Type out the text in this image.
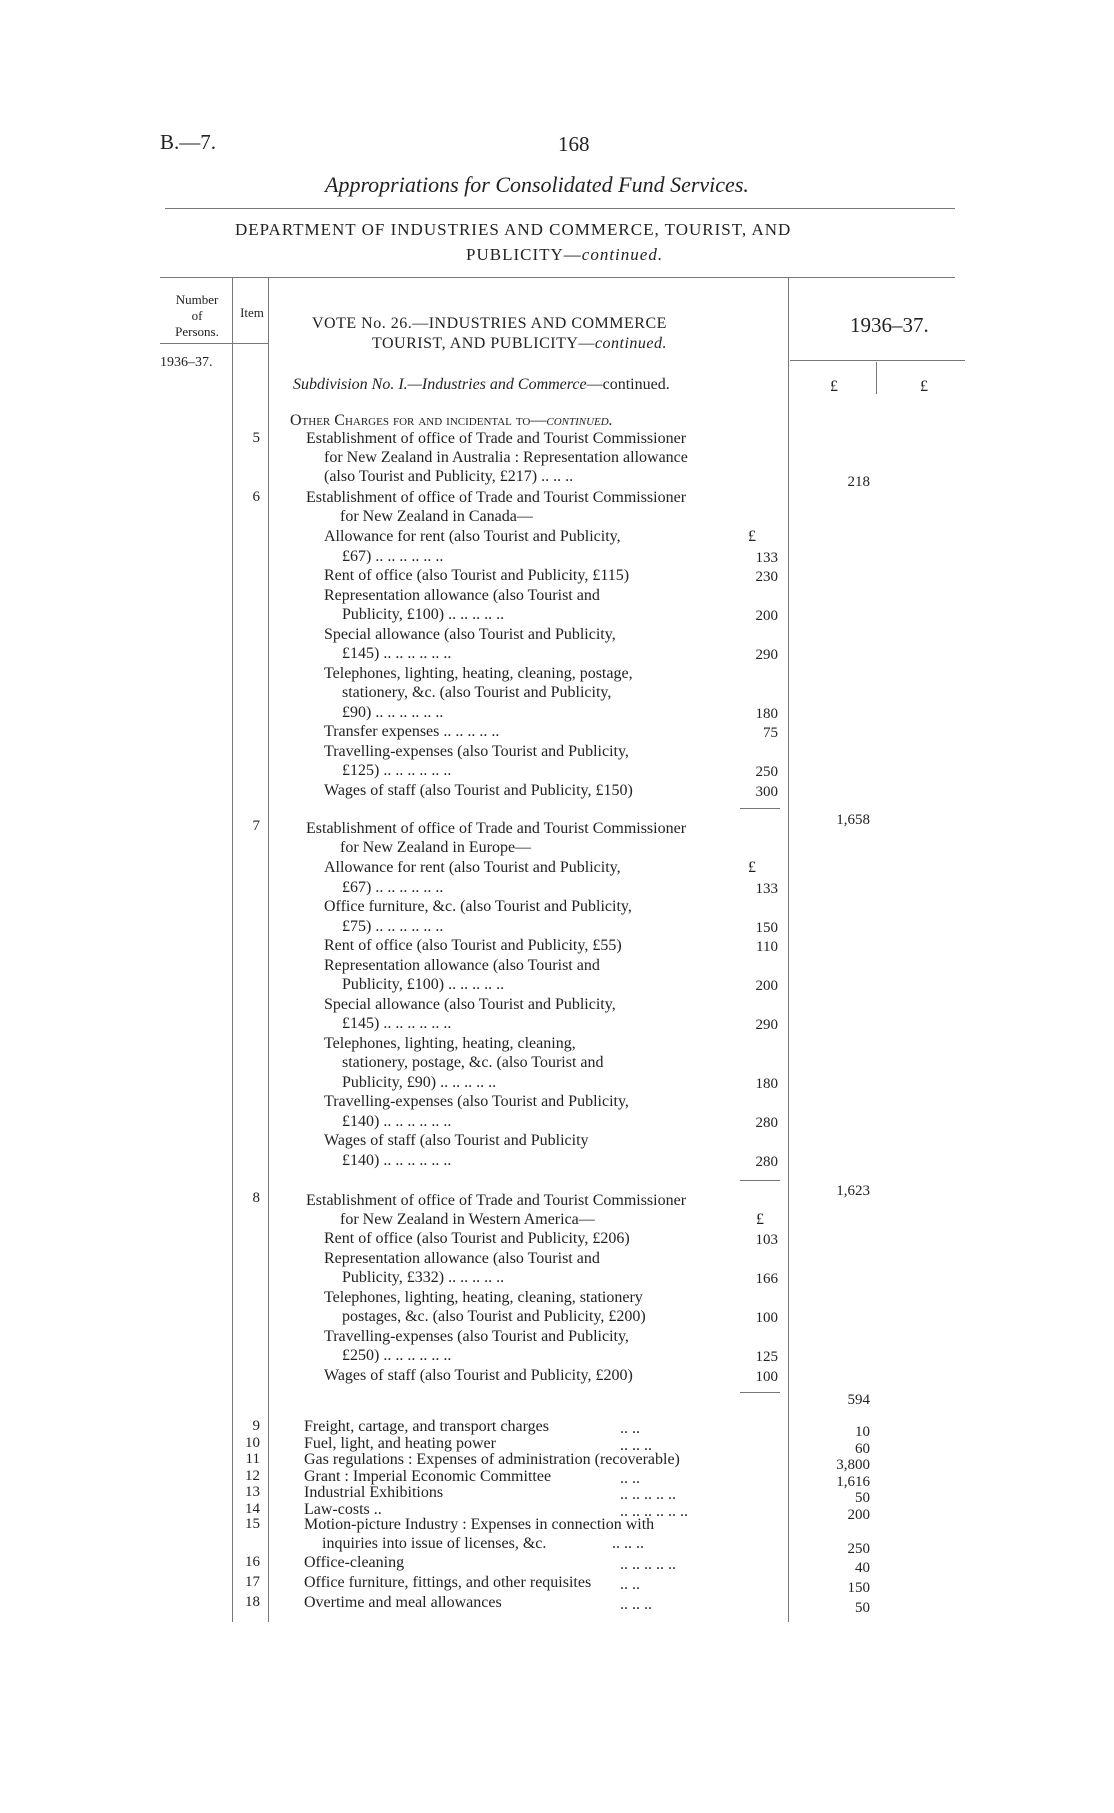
B.—7.	168
Appropriations for Consolidated Fund Services.
DEPARTMENT OF INDUSTRIES AND COMMERCE, TOURIST, AND
PUBLICITY—continued.
Number
of
Persons.
1936–37.
Item
VOTE No. 26.—INDUSTRIES AND COMMERCE
TOURIST, AND PUBLICITY—continued.
1936–37.
£	£
Subdivision No. I.—Industries and Commerce—continued.
Other Charges for and incidental to—continued.
5	Establishment of office of Trade and Tourist Commissioner
for New Zealand in Australia : Representation allowance
(also Tourist and Publicity, £217) .. .. ..	218
6	Establishment of office of Trade and Tourist Commissioner
for New Zealand in Canada—
£
Allowance for rent (also Tourist and Publicity,
£67) .. .. .. .. .. ..	133
Rent of office (also Tourist and Publicity, £115)	230
Representation allowance (also Tourist and
Publicity, £100) .. .. .. .. ..	200
Special allowance (also Tourist and Publicity,
£145) .. .. .. .. .. ..	290
Telephones, lighting, heating, cleaning, postage,
stationery, &c. (also Tourist and Publicity,
£90) .. .. .. .. .. ..	180
Transfer expenses .. .. .. .. ..	75
Travelling-expenses (also Tourist and Publicity,
£125) .. .. .. .. .. ..	250
Wages of staff (also Tourist and Publicity, £150)	300
1,658
7	Establishment of office of Trade and Tourist Commissioner
for New Zealand in Europe—
£
Allowance for rent (also Tourist and Publicity,
£67) .. .. .. .. .. ..	133
Office furniture, &c. (also Tourist and Publicity,
£75) .. .. .. .. .. ..	150
Rent of office (also Tourist and Publicity, £55)	110
Representation allowance (also Tourist and
Publicity, £100) .. .. .. .. ..	200
Special allowance (also Tourist and Publicity,
£145) .. .. .. .. .. ..	290
Telephones, lighting, heating, cleaning,
stationery, postage, &c. (also Tourist and
Publicity, £90) .. .. .. .. ..	180
Travelling-expenses (also Tourist and Publicity,
£140) .. .. .. .. .. ..	280
Wages of staff (also Tourist and Publicity
£140) .. .. .. .. .. ..	280
1,623
8	Establishment of office of Trade and Tourist Commissioner
for New Zealand in Western America—	£
Rent of office (also Tourist and Publicity, £206)	103
Representation allowance (also Tourist and
Publicity, £332) .. .. .. .. ..	166
Telephones, lighting, heating, cleaning, stationery
postages, &c. (also Tourist and Publicity, £200)	100
Travelling-expenses (also Tourist and Publicity,
£250) .. .. .. .. .. ..	125
Wages of staff (also Tourist and Publicity, £200)	100
594
9	Freight, cartage, and transport charges	.. ..	10
10	Fuel, light, and heating power	.. .. ..	60
11	Gas regulations : Expenses of administration (recoverable)	3,800
12	Grant : Imperial Economic Committee	.. ..	1,616
13	Industrial Exhibitions	.. .. .. .. ..	50
14	Law-costs ..	.. .. .. .. .. ..	200
15	Motion-picture Industry : Expenses in connection with
inquiries into issue of licenses, &c.	.. .. ..	250
16	Office-cleaning	.. .. .. .. ..	40
17	Office furniture, fittings, and other requisites .. ..	150
18	Overtime and meal allowances	.. .. ..	50
